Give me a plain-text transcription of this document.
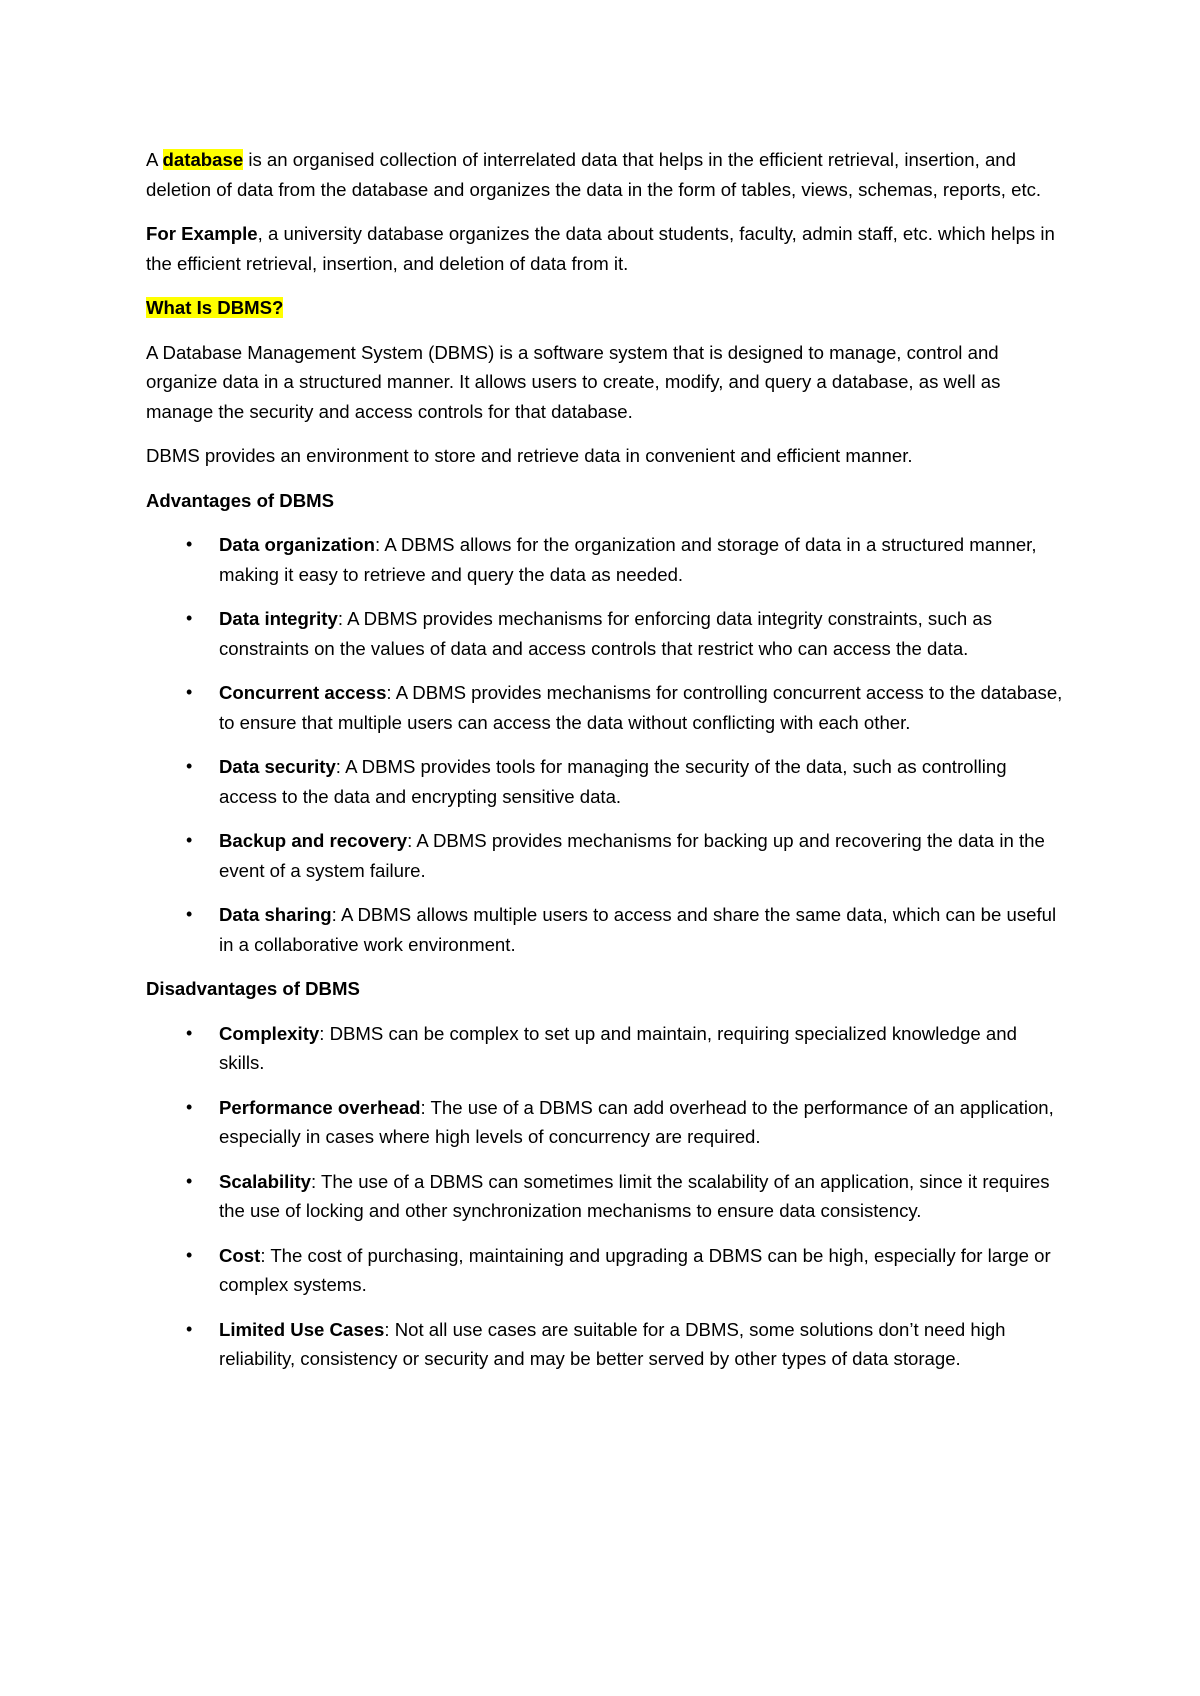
A database is an organised collection of interrelated data that helps in the efficient retrieval, insertion, and deletion of data from the database and organizes the data in the form of tables, views, schemas, reports, etc.

For Example, a university database organizes the data about students, faculty, admin staff, etc. which helps in the efficient retrieval, insertion, and deletion of data from it.

What Is DBMS?

A Database Management System (DBMS) is a software system that is designed to manage, control and organize data in a structured manner. It allows users to create, modify, and query a database, as well as manage the security and access controls for that database.

DBMS provides an environment to store and retrieve data in convenient and efficient manner.

Advantages of DBMS
•	Data organization: A DBMS allows for the organization and storage of data in a structured manner, making it easy to retrieve and query the data as needed.
•	Data integrity: A DBMS provides mechanisms for enforcing data integrity constraints, such as constraints on the values of data and access controls that restrict who can access the data.
•	Concurrent access: A DBMS provides mechanisms for controlling concurrent access to the database, to ensure that multiple users can access the data without conflicting with each other.
•	Data security: A DBMS provides tools for managing the security of the data, such as controlling access to the data and encrypting sensitive data.
•	Backup and recovery: A DBMS provides mechanisms for backing up and recovering the data in the event of a system failure.
•	Data sharing: A DBMS allows multiple users to access and share the same data, which can be useful in a collaborative work environment.
Disadvantages of DBMS
•	Complexity: DBMS can be complex to set up and maintain, requiring specialized knowledge and skills.
•	Performance overhead: The use of a DBMS can add overhead to the performance of an application, especially in cases where high levels of concurrency are required.
•	Scalability: The use of a DBMS can sometimes limit the scalability of an application, since it requires the use of locking and other synchronization mechanisms to ensure data consistency.
•	Cost: The cost of purchasing, maintaining and upgrading a DBMS can be high, especially for large or complex systems.
•	Limited Use Cases: Not all use cases are suitable for a DBMS, some solutions don’t need high reliability, consistency or security and may be better served by other types of data storage.
